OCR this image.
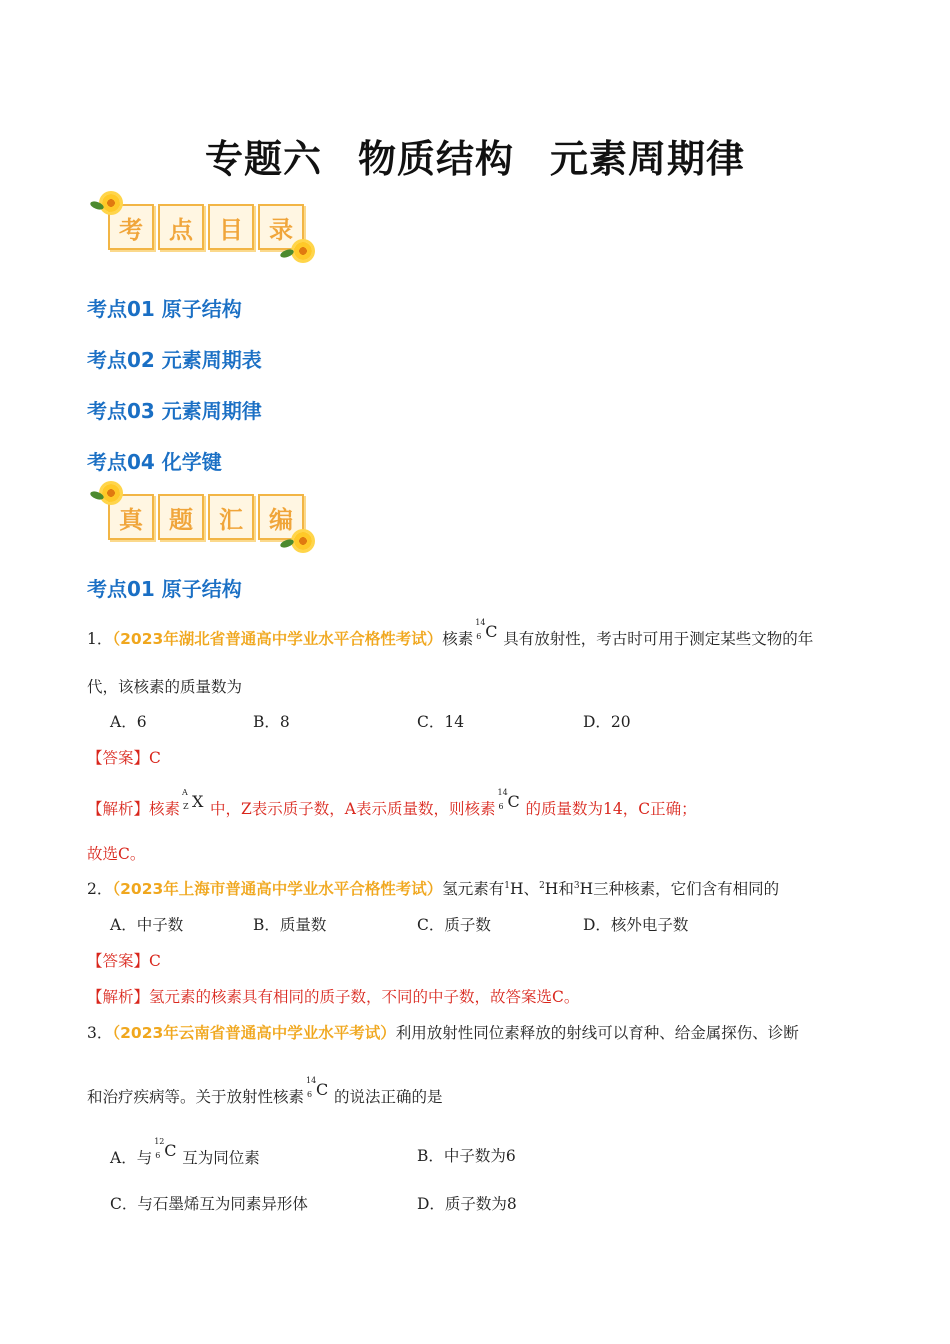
专题六 物质结构 元素周期律
考	点	目	录
考点01 原子结构
考点02 元素周期表
考点03 元素周期律
考点04 化学键
真	题	汇	编
考点01 原子结构
1．（2023年湖北省普通高中学业水平合格性考试）核素
14
6 C 具有放射性，考古时可用于测定某些文物的年
代，该核素的质量数为
A．6	B．8	C．14	D．20
【答案】C
【解析】核素
A
Z X 中，Z表示质子数，A表示质量数，则核素
14
6 C 的质量数为14，C正确；
故选C。
2．（2023年上海市普通高中学业水平合格性考试）氢元素有$^1$H、$^2$H和$^3$H三种核素，它们含有相同的
A．中子数	B．质量数	C．质子数	D．核外电子数
【答案】C
【解析】氢元素的核素具有相同的质子数，不同的中子数，故答案选C。
3．（2023年云南省普通高中学业水平考试）利用放射性同位素释放的射线可以育种、给金属探伤、诊断
和治疗疾病等。关于放射性核素
14
6 C 的说法正确的是
A．与
12
6 C 互为同位素	B．中子数为6
C．与石墨烯互为同素异形体	D．质子数为8
